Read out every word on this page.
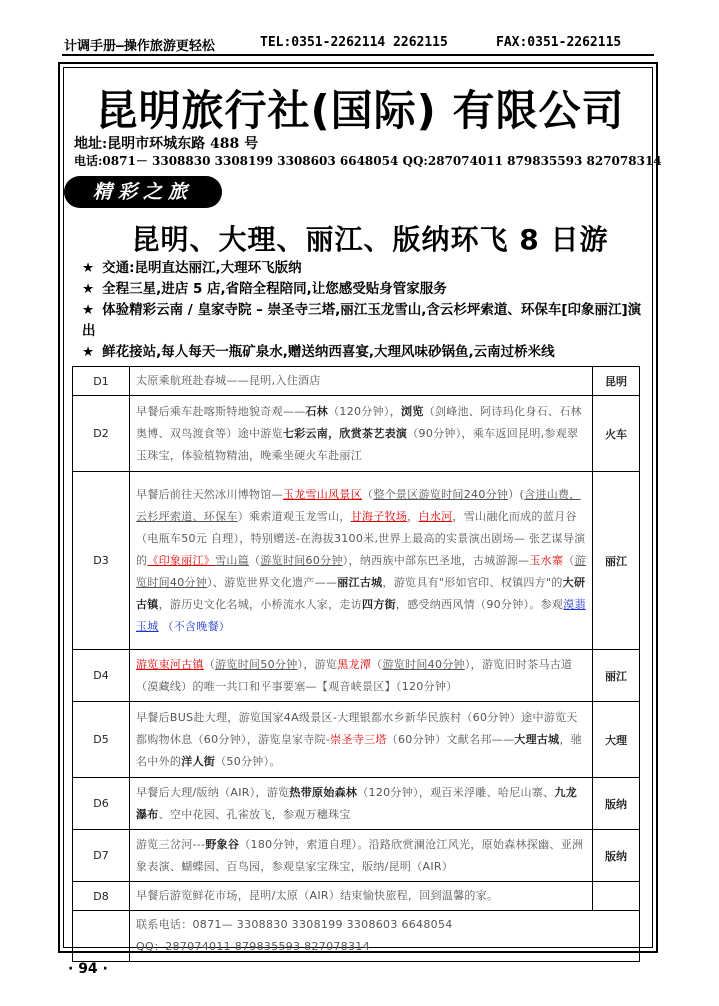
计调手册—操作旅游更轻松	TEL:0351-2262114 2262115	FAX:0351-2262115
昆明旅行社(国际) 有限公司
地址:昆明市环城东路 488 号
电话:0871－ 3308830 3308199 3308603 6648054 QQ:287074011 879835593 827078314
精彩之旅
昆明、大理、丽江、版纳环飞 8 日游

★ 交通:昆明直达丽江,大理环飞版纳

★ 全程三星,进店 5 店,省陪全程陪同,让您感受贴身管家服务

★ 体验精彩云南 / 皇家寺院 – 崇圣寺三塔,丽江玉龙雪山,含云杉坪索道、环保车[印象丽江]演出

★ 鲜花接站,每人每天一瓶矿泉水,赠送纳西喜宴,大理风味砂锅鱼,云南过桥米线

D1	太原乘航班赴春城——昆明,入住酒店	昆明
D2	早餐后乘车赴喀斯特地貌奇观——石林（120分钟），浏览（剑峰池、阿诗玛化身石、石林奥博、双鸟渡食等）途中游览七彩云南，欣赏茶艺表演（90分钟），乘车返回昆明,参观翠玉珠宝，体验植物精油，晚乘坐硬火车赴丽江	火车
D3	早餐后前往天然冰川博物馆—玉龙雪山风景区（整个景区游览时间240分钟）(含进山费，云杉坪索道、环保车）乘索道观玉龙雪山，甘海子牧场，白水河，雪山融化而成的蓝月谷（电瓶车50元 自理），特别赠送-在海拔3100米,世界上最高的实景演出剧场— 张艺谋导演的《印象丽江》雪山篇（游览时间60分钟），纳西族中部东巴圣地，古城游源—玉水寨（游览时间40分钟）、游览世界文化遗产——丽江古城，游览具有"形如官印、权镇四方"的大研古镇，游历史文化名城，小桥流水人家，走访四方街，感受纳西风情（90分钟）。参观漠翡玉城 （不含晚餐）	丽江
D4	游览束河古镇（游览时间50分钟），游览黑龙潭（游览时间40分钟），游览旧时茶马古道（漠藏线）的唯一共口和平事要塞—【观音峡景区】（120分钟）	丽江
D5	早餐后BUS赴大理，游览国家4A级景区-大理银都水乡新华民族村（60分钟）途中游览天都购物休息（60分钟），游览皇家寺院-崇圣寺三塔（60分钟）文献名邦——大理古城，驰名中外的洋人街（50分钟）。	大理
D6	早餐后大理/版纳（AIR），游览热带原始森林（120分钟），观百米浮雕、哈尼山寨、九龙瀑布、空中花园、孔雀放飞，参观万穗珠宝	版纳
D7	游览三岔河---野象谷（180分钟，索道自理）。沿路欣赏澜沧江风光，原始森林探幽、亚洲象表演、蝴蝶园、百鸟园，参观皇家宝珠宝，版纳/昆明（AIR）	版纳
D8	早餐后游览鲜花市场，昆明/太原（AIR）结束愉快旅程，回到温馨的家。	

	联系电话：0871— 3308830 3308199 3308603 6648054
QQ：287074011 879835593 827078314	
· 94 ·
